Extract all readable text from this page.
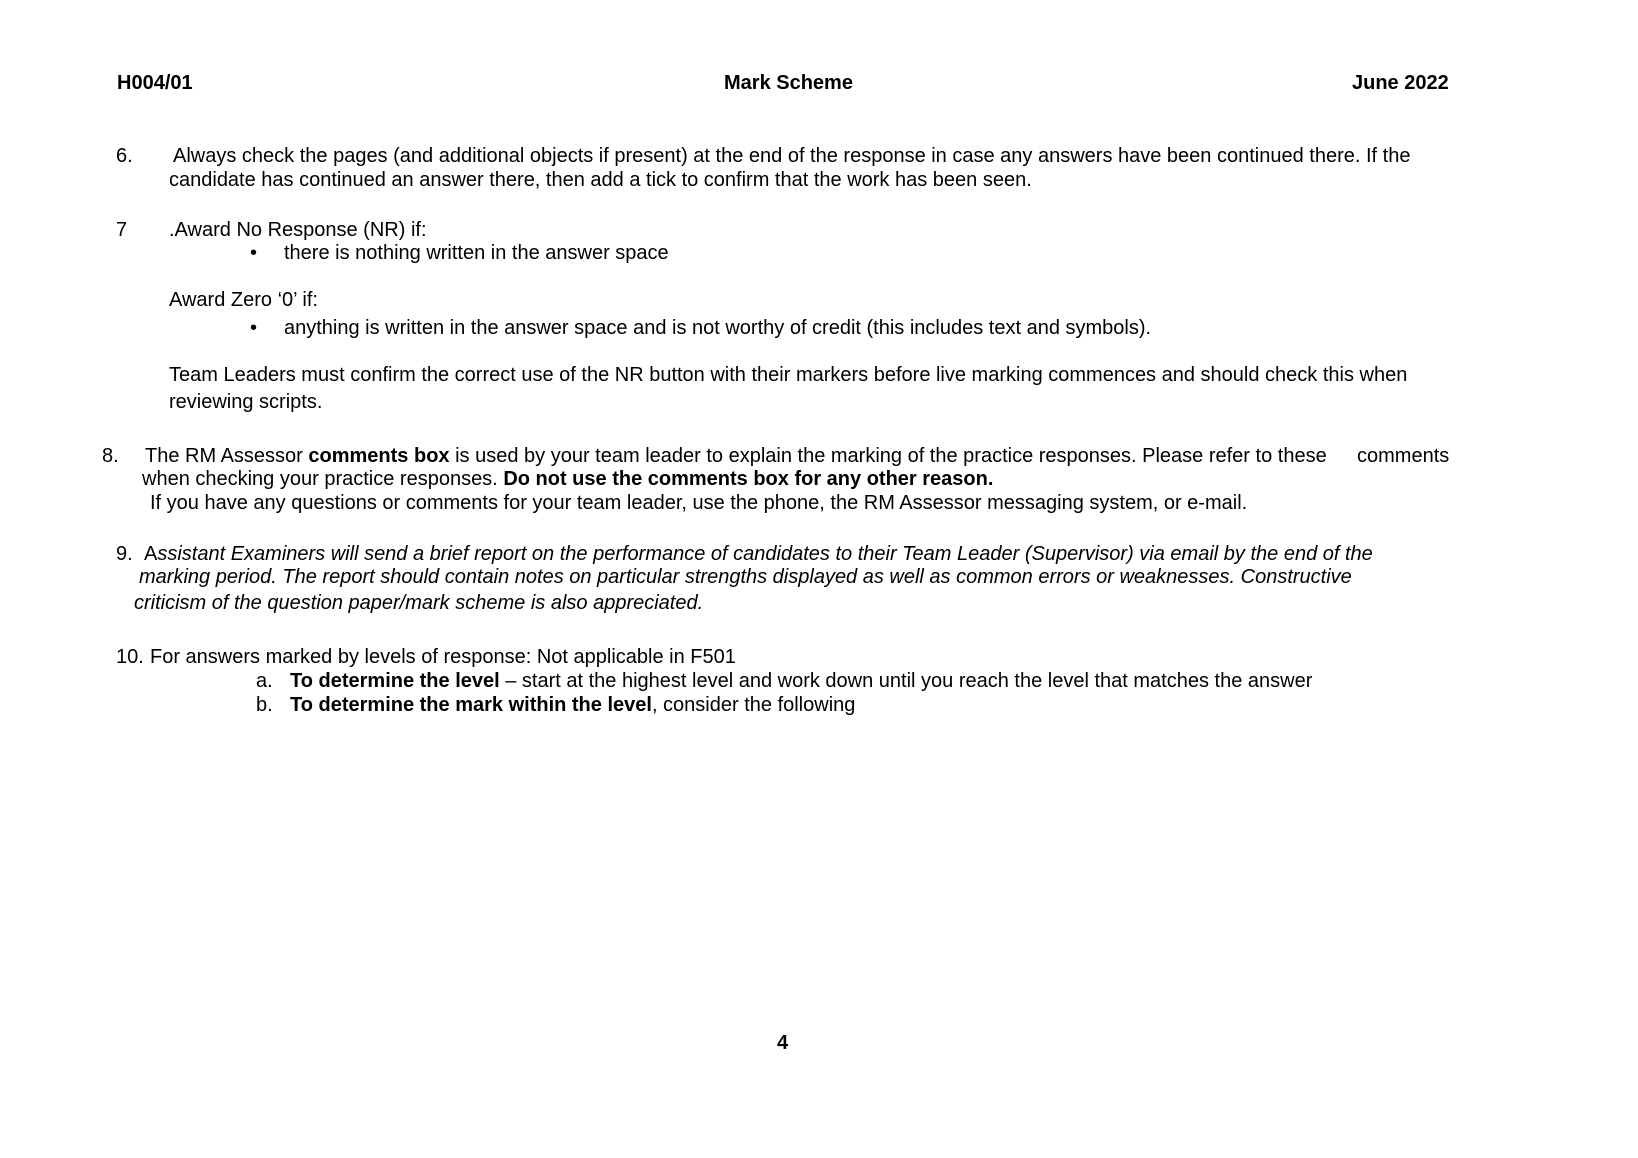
H004/01	Mark Scheme	June 2022
6. Always check the pages (and additional objects if present) at the end of the response in case any answers have been continued there. If the
candidate has continued an answer there, then add a tick to confirm that the work has been seen.
7 .Award No Response (NR) if:
• there is nothing written in the answer space
Award Zero ‘0’ if:
• anything is written in the answer space and is not worthy of credit (this includes text and symbols).
Team Leaders must confirm the correct use of the NR button with their markers before live marking commences and should check this when
reviewing scripts.
8. The RM Assessor comments box is used by your team leader to explain the marking of the practice responses. Please refer to these comments
when checking your practice responses. Do not use the comments box for any other reason.
If you have any questions or comments for your team leader, use the phone, the RM Assessor messaging system, or e-mail.
9. Assistant Examiners will send a brief report on the performance of candidates to their Team Leader (Supervisor) via email by the end of the
marking period. The report should contain notes on particular strengths displayed as well as common errors or weaknesses. Constructive
criticism of the question paper/mark scheme is also appreciated.
10. For answers marked by levels of response: Not applicable in F501
a. To determine the level – start at the highest level and work down until you reach the level that matches the answer
b. To determine the mark within the level, consider the following
4
